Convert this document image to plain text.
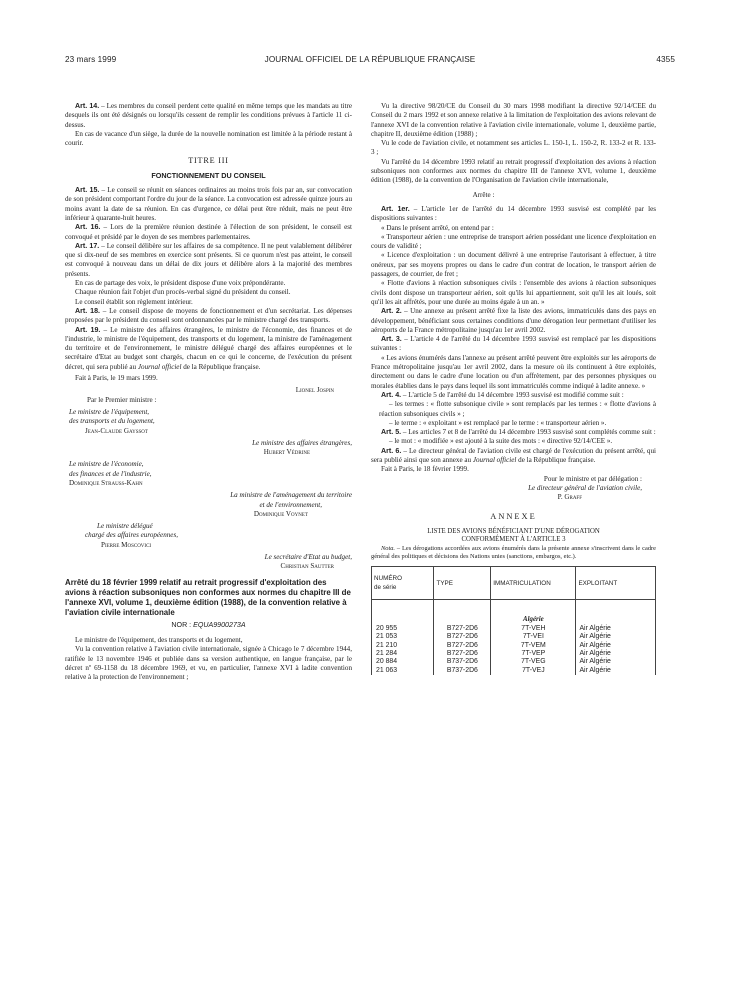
23 mars 1999	JOURNAL OFFICIEL DE LA RÉPUBLIQUE FRANÇAISE	4355

Art. 14. – Les membres du conseil perdent cette qualité en même temps que les mandats au titre desquels ils ont été désignés ou lorsqu'ils cessent de remplir les conditions prévues à l'article 11 ci-dessus.

En cas de vacance d'un siège, la durée de la nouvelle nomination est limitée à la période restant à courir.

TITRE III
FONCTIONNEMENT DU CONSEIL

Art. 15. – Le conseil se réunit en séances ordinaires au moins trois fois par an, sur convocation de son président comportant l'ordre du jour de la séance. La convocation est adressée quinze jours au moins avant la date de sa réunion. En cas d'urgence, ce délai peut être réduit, mais ne peut être inférieur à quarante-huit heures.

Art. 16. – Lors de la première réunion destinée à l'élection de son président, le conseil est convoqué et présidé par le doyen de ses membres parlementaires.

Art. 17. – Le conseil délibère sur les affaires de sa compétence. Il ne peut valablement délibérer que si dix-neuf de ses membres en exercice sont présents. Si ce quorum n'est pas atteint, le conseil est convoqué à nouveau dans un délai de dix jours et délibère alors à la majorité des membres présents.

En cas de partage des voix, le président dispose d'une voix prépondérante.

Chaque réunion fait l'objet d'un procès-verbal signé du président du conseil.

Le conseil établit son règlement intérieur.

Art. 18. – Le conseil dispose de moyens de fonctionnement et d'un secrétariat. Les dépenses proposées par le président du conseil sont ordonnancées par le ministre chargé des transports.

Art. 19. – Le ministre des affaires étrangères, le ministre de l'économie, des finances et de l'industrie, le ministre de l'équipement, des transports et du logement, la ministre de l'aménagement du territoire et de l'environnement, le ministre délégué chargé des affaires européennes et le secrétaire d'Etat au budget sont chargés, chacun en ce qui le concerne, de l'exécution du présent décret, qui sera publié au Journal officiel de la République française.

Fait à Paris, le 19 mars 1999.

Lionel Jospin
Par le Premier ministre :
Le ministre de l'équipement,
des transports et du logement,
Jean-Claude Gayssot
Le ministre des affaires étrangères,
Hubert Védrine
Le ministre de l'économie,
des finances et de l'industrie,
Dominique Strauss-Kahn
La ministre de l'aménagement du territoire
et de l'environnement,
Dominique Voynet
Le ministre délégué
chargé des affaires européennes,
Pierre Moscovici
Le secrétaire d'Etat au budget,
Christian Sautter
Arrêté du 18 février 1999 relatif au retrait progressif d'exploitation des avions à réaction subsoniques non conformes aux normes du chapitre III de l'annexe XVI, volume 1, deuxième édition (1988), de la convention relative à l'aviation civile internationale
NOR : EQUA9900273A

Le ministre de l'équipement, des transports et du logement,

Vu la convention relative à l'aviation civile internationale, signée à Chicago le 7 décembre 1944, ratifiée le 13 novembre 1946 et publiée dans sa version authentique, en langue française, par le décret nº 69-1158 du 18 décembre 1969, et vu, en particulier, l'annexe XVI à ladite convention relative à la protection de l'environnement ;

Vu la directive 98/20/CE du Conseil du 30 mars 1998 modifiant la directive 92/14/CEE du Conseil du 2 mars 1992 et son annexe relative à la limitation de l'exploitation des avions relevant de l'annexe XVI de la convention relative à l'aviation civile internationale, volume 1, deuxième partie, chapitre II, deuxième édition (1988) ;

Vu le code de l'aviation civile, et notamment ses articles L. 150-1, L. 150-2, R. 133-2 et R. 133-3 ;

Vu l'arrêté du 14 décembre 1993 relatif au retrait progressif d'exploitation des avions à réaction subsoniques non conformes aux normes du chapitre III de l'annexe XVI, volume 1, deuxième édition (1988), de la convention de l'Organisation de l'aviation civile internationale,

Arrête :

Art. 1er. – L'article 1er de l'arrêté du 14 décembre 1993 susvisé est complété par les dispositions suivantes :

« Dans le présent arrêté, on entend par :

« Transporteur aérien : une entreprise de transport aérien possédant une licence d'exploitation en cours de validité ;

« Licence d'exploitation : un document délivré à une entreprise l'autorisant à effectuer, à titre onéreux, par ses moyens propres ou dans le cadre d'un contrat de location, le transport aérien de passagers, de courrier, de fret ;

« Flotte d'avions à réaction subsoniques civils : l'ensemble des avions à réaction subsoniques civils dont dispose un transporteur aérien, soit qu'ils lui appartiennent, soit qu'il les ait loués, soit qu'il les ait affrétés, pour une durée au moins égale à un an. »

Art. 2. – Une annexe au présent arrêté fixe la liste des avions, immatriculés dans des pays en développement, bénéficiant sous certaines conditions d'une dérogation leur permettant d'utiliser les aéroports de la France métropolitaine jusqu'au 1er avril 2002.

Art. 3. – L'article 4 de l'arrêté du 14 décembre 1993 susvisé est remplacé par les dispositions suivantes :

« Les avions énumérés dans l'annexe au présent arrêté peuvent être exploités sur les aéroports de France métropolitaine jusqu'au 1er avril 2002, dans la mesure où ils continuent à être exploités, directement ou dans le cadre d'une location ou d'un affrètement, par des personnes physiques ou morales établies dans le pays dans lequel ils sont immatriculés comme indiqué à ladite annexe. »

Art. 4. – L'article 5 de l'arrêté du 14 décembre 1993 susvisé est modifié comme suit :

– les termes : « flotte subsonique civile » sont remplacés par les termes : « flotte d'avions à réaction subsoniques civils » ;

– le terme : « exploitant » est remplacé par le terme : « transporteur aérien ».

Art. 5. – Les articles 7 et 8 de l'arrêté du 14 décembre 1993 susvisé sont complétés comme suit :

– le mot : « modifiée » est ajouté à la suite des mots : « directive 92/14/CEE ».

Art. 6. – Le directeur général de l'aviation civile est chargé de l'exécution du présent arrêté, qui sera publié ainsi que son annexe au Journal officiel de la République française.

Fait à Paris, le 18 février 1999.

Pour le ministre et par délégation :
Le directeur général de l'aviation civile,
P. Graff
ANNEXE
LISTE DES AVIONS BÉNÉFICIANT D'UNE DÉROGATION
CONFORMÉMENT À L'ARTICLE 3

Nota. – Les dérogations accordées aux avions énumérés dans la présente annexe s'inscrivent dans le cadre général des politiques et décisions des Nations unies (sanctions, embargos, etc.).

NUMÉRO
de série	TYPE	IMMATRICULATION	EXPLOITANT

		Algérie	
20 955	B727-2D6	7T-VEH	Air Algérie
21 053	B727-2D6	7T-VEI	Air Algérie
21 210	B727-2D6	7T-VEM	Air Algérie
21 284	B727-2D6	7T-VEP	Air Algérie
20 884	B737-2D6	7T-VEG	Air Algérie
21 063	B737-2D6	7T-VEJ	Air Algérie
